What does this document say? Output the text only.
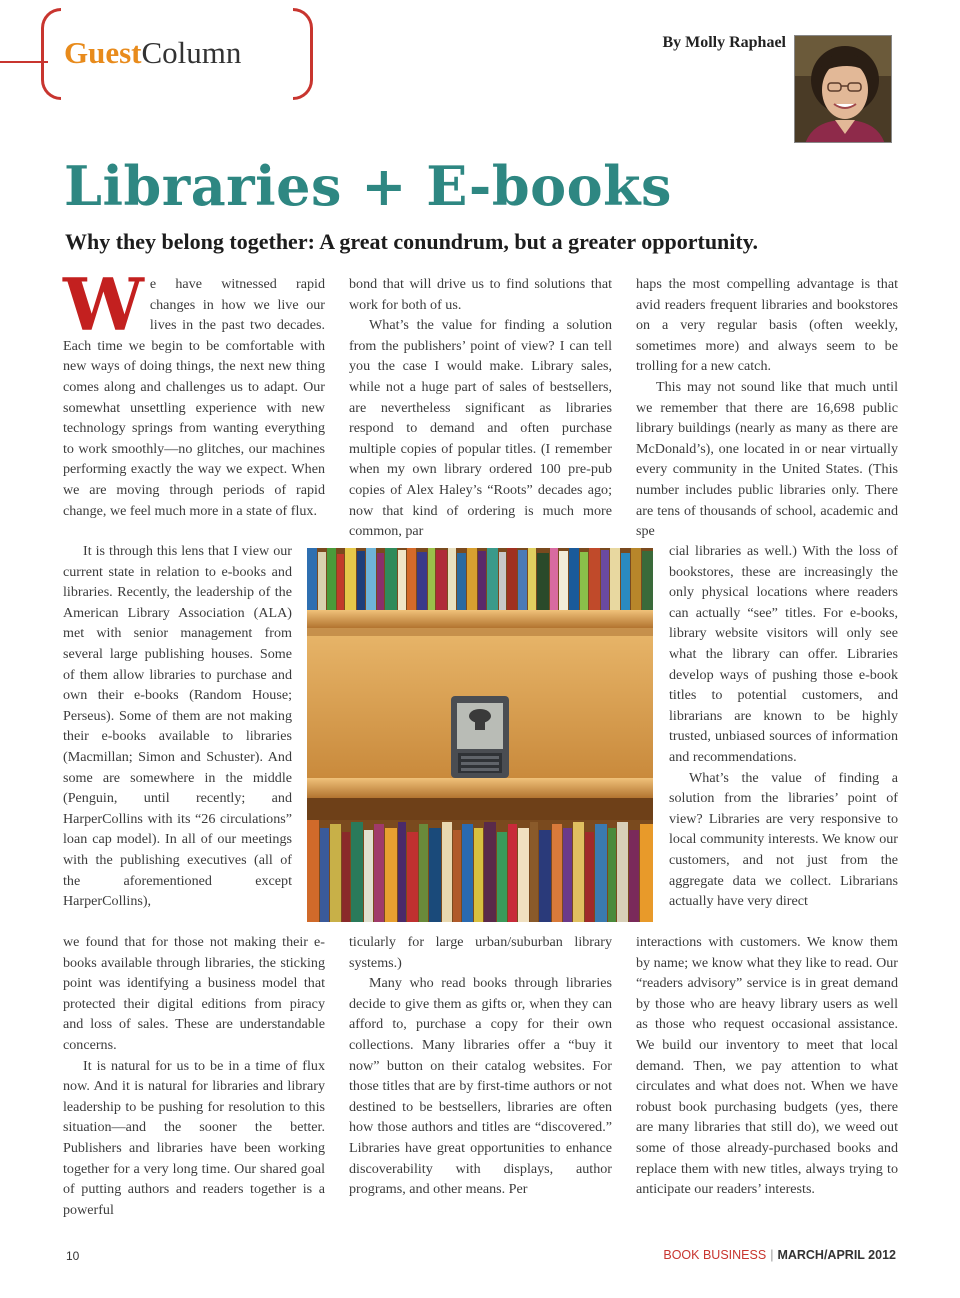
GuestColumn	By Molly Raphael
Libraries + E-books
Why they belong together: A great conundrum, but a greater opportunity.

We have witnessed rapid changes in how we live our lives in the past two decades. Each time we begin to be comfortable with new ways of doing things, the next new thing comes along and challenges us to adapt. Our somewhat unsettling experience with new technology springs from wanting everything to work smoothly—no glitches, our machines performing exactly the way we expect. When we are moving through periods of rapid change, we feel much more in a state of flux.

It is through this lens that I view our current state in relation to e-books and libraries. Recently, the leadership of the American Library Association (ALA) met with senior management from several large publishing houses. Some of them allow libraries to purchase and own their e-books (Random House; Perseus). Some of them are not making their e-books available to libraries (Macmillan; Simon and Schuster). And some are somewhere in the middle (Penguin, until recently; and HarperCollins with its “26 circulations” loan cap model). In all of our meetings with the publishing executives (all of the aforementioned except HarperCollins),

we found that for those not making their e-books available through libraries, the sticking point was identifying a business model that protected their digital editions from piracy and loss of sales. These are understandable concerns.

It is natural for us to be in a time of flux now. And it is natural for libraries and library leadership to be pushing for resolution to this situation—and the sooner the better. Publishers and libraries have been working together for a very long time. Our shared goal of putting authors and readers together is a powerful

bond that will drive us to find solutions that work for both of us.

What’s the value for finding a solution from the publishers’ point of view? I can tell you the case I would make. Library sales, while not a huge part of sales of bestsellers, are nevertheless significant as libraries respond to demand and often purchase multiple copies of popular titles. (I remember when my own library ordered 100 pre-pub copies of Alex Haley’s “Roots” decades ago; now that kind of ordering is much more common, par

ticularly for large urban/suburban library systems.)

Many who read books through libraries decide to give them as gifts or, when they can afford to, purchase a copy for their own collections. Many libraries offer a “buy it now” button on their catalog websites. For those titles that are by first-time authors or not destined to be bestsellers, libraries are often how those authors and titles are “discovered.” Libraries have great opportunities to enhance discoverability with displays, author programs, and other means. Per

haps the most compelling advantage is that avid readers frequent libraries and bookstores on a very regular basis (often weekly, sometimes more) and always seem to be trolling for a new catch.

This may not sound like that much until we remember that there are 16,698 public library buildings (nearly as many as there are McDonald’s), one located in or near virtually every community in the United States. (This number includes public libraries only. There are tens of thousands of school, academic and spe

cial libraries as well.) With the loss of bookstores, these are increasingly the only physical locations where readers can actually “see” titles. For e-books, library website visitors will only see what the library can offer. Libraries develop ways of pushing those e-book titles to potential customers, and librarians are known to be highly trusted, unbiased sources of information and recommendations.

What’s the value of finding a solution from the libraries’ point of view? Libraries are very responsive to local community interests. We know our customers, and not just from the aggregate data we collect. Librarians actually have very direct

interactions with customers. We know them by name; we know what they like to read. Our “readers advisory” service is in great demand by those who are heavy library users as well as those who request occasional assistance. We build our inventory to meet that local demand. Then, we pay attention to what circulates and what does not. When we have robust book purchasing budgets (yes, there are many libraries that still do), we weed out some of those already-purchased books and replace them with new titles, always trying to anticipate our readers’ interests.

10	BOOK BUSINESS | MARCH/APRIL 2012
